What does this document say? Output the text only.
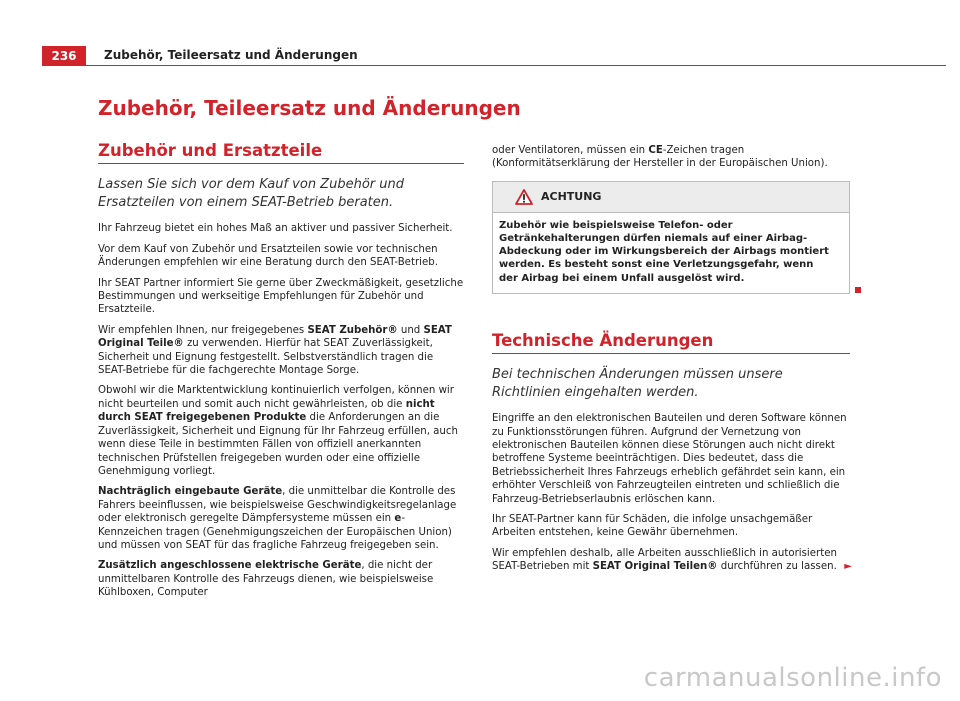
236	Zubehör, Teileersatz und Änderungen
Zubehör, Teileersatz und Änderungen
Zubehör und Ersatzteile

Lassen Sie sich vor dem Kauf von Zubehör und Ersatzteilen von einem SEAT-Betrieb beraten.

Ihr Fahrzeug bietet ein hohes Maß an aktiver und passiver Sicherheit.

Vor dem Kauf von Zubehör und Ersatzteilen sowie vor technischen Änderungen empfehlen wir eine Beratung durch den SEAT-Betrieb.

Ihr SEAT Partner informiert Sie gerne über Zweckmäßigkeit, gesetzliche Bestimmungen und werkseitige Empfehlungen für Zubehör und Ersatzteile.

Wir empfehlen Ihnen, nur freigegebenes SEAT Zubehör® und SEAT Original Teile® zu verwenden. Hierfür hat SEAT Zuverlässigkeit, Sicherheit und Eignung festgestellt. Selbstverständlich tragen die SEAT-Betriebe für die fachgerechte Montage Sorge.

Obwohl wir die Marktentwicklung kontinuierlich verfolgen, können wir nicht beurteilen und somit auch nicht gewährleisten, ob die nicht durch SEAT freigegebenen Produkte die Anforderungen an die Zuverlässigkeit, Sicherheit und Eignung für Ihr Fahrzeug erfüllen, auch wenn diese Teile in bestimmten Fällen von offiziell anerkannten technischen Prüfstellen freigegeben wurden oder eine offizielle Genehmigung vorliegt.

Nachträglich eingebaute Geräte, die unmittelbar die Kontrolle des Fahrers beeinflussen, wie beispielsweise Geschwindigkeitsregelanlage oder elektronisch geregelte Dämpfersysteme müssen ein e-Kennzeichen tragen (Genehmigungszeichen der Europäischen Union) und müssen von SEAT für das fragliche Fahrzeug freigegeben sein.

Zusätzlich angeschlossene elektrische Geräte, die nicht der unmittelbaren Kontrolle des Fahrzeugs dienen, wie beispielsweise Kühlboxen, Computer

oder Ventilatoren, müssen ein CE-Zeichen tragen (Konformitätserklärung der Hersteller in der Europäischen Union).

ACHTUNG
Zubehör wie beispielsweise Telefon- oder Getränkehalterungen dürfen niemals auf einer Airbag-Abdeckung oder im Wirkungsbereich der Airbags montiert werden. Es besteht sonst eine Verletzungsgefahr, wenn der Airbag bei einem Unfall ausgelöst wird.
Technische Änderungen

Bei technischen Änderungen müssen unsere Richtlinien eingehalten werden.

Eingriffe an den elektronischen Bauteilen und deren Software können zu Funktionsstörungen führen. Aufgrund der Vernetzung von elektronischen Bauteilen können diese Störungen auch nicht direkt betroffene Systeme beeinträchtigen. Dies bedeutet, dass die Betriebssicherheit Ihres Fahrzeugs erheblich gefährdet sein kann, ein erhöhter Verschleiß von Fahrzeugteilen eintreten und schließlich die Fahrzeug-Betriebserlaubnis erlöschen kann.

Ihr SEAT-Partner kann für Schäden, die infolge unsachgemäßer Arbeiten entstehen, keine Gewähr übernehmen.

Wir empfehlen deshalb, alle Arbeiten ausschließlich in autorisierten SEAT-Betrieben mit SEAT Original Teilen® durchführen zu lassen. ►

carmanualsonline.info
